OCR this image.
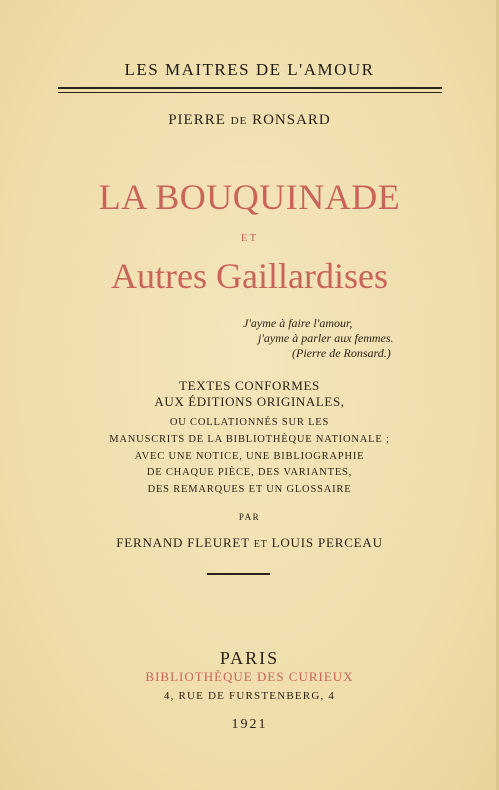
LES MAITRES DE L'AMOUR
PIERRE DE RONSARD
LA BOUQUINADE
ET
Autres Gaillardises
J'ayme à faire l'amour,
j'ayme à parler aux femmes.
(Pierre de Ronsard.)
TEXTES CONFORMES
AUX ÉDITIONS ORIGINALES,
OU COLLATIONNÉS SUR LES
MANUSCRITS DE LA BIBLIOTHÈQUE NATIONALE ;
AVEC UNE NOTICE, UNE BIBLIOGRAPHIE
DE CHAQUE PIÈCE, DES VARIANTES,
DES REMARQUES ET UN GLOSSAIRE
PAR
FERNAND FLEURET ET LOUIS PERCEAU
PARIS
BIBLIOTHÈQUE DES CURIEUX
4, RUE DE FURSTENBERG, 4
1921
